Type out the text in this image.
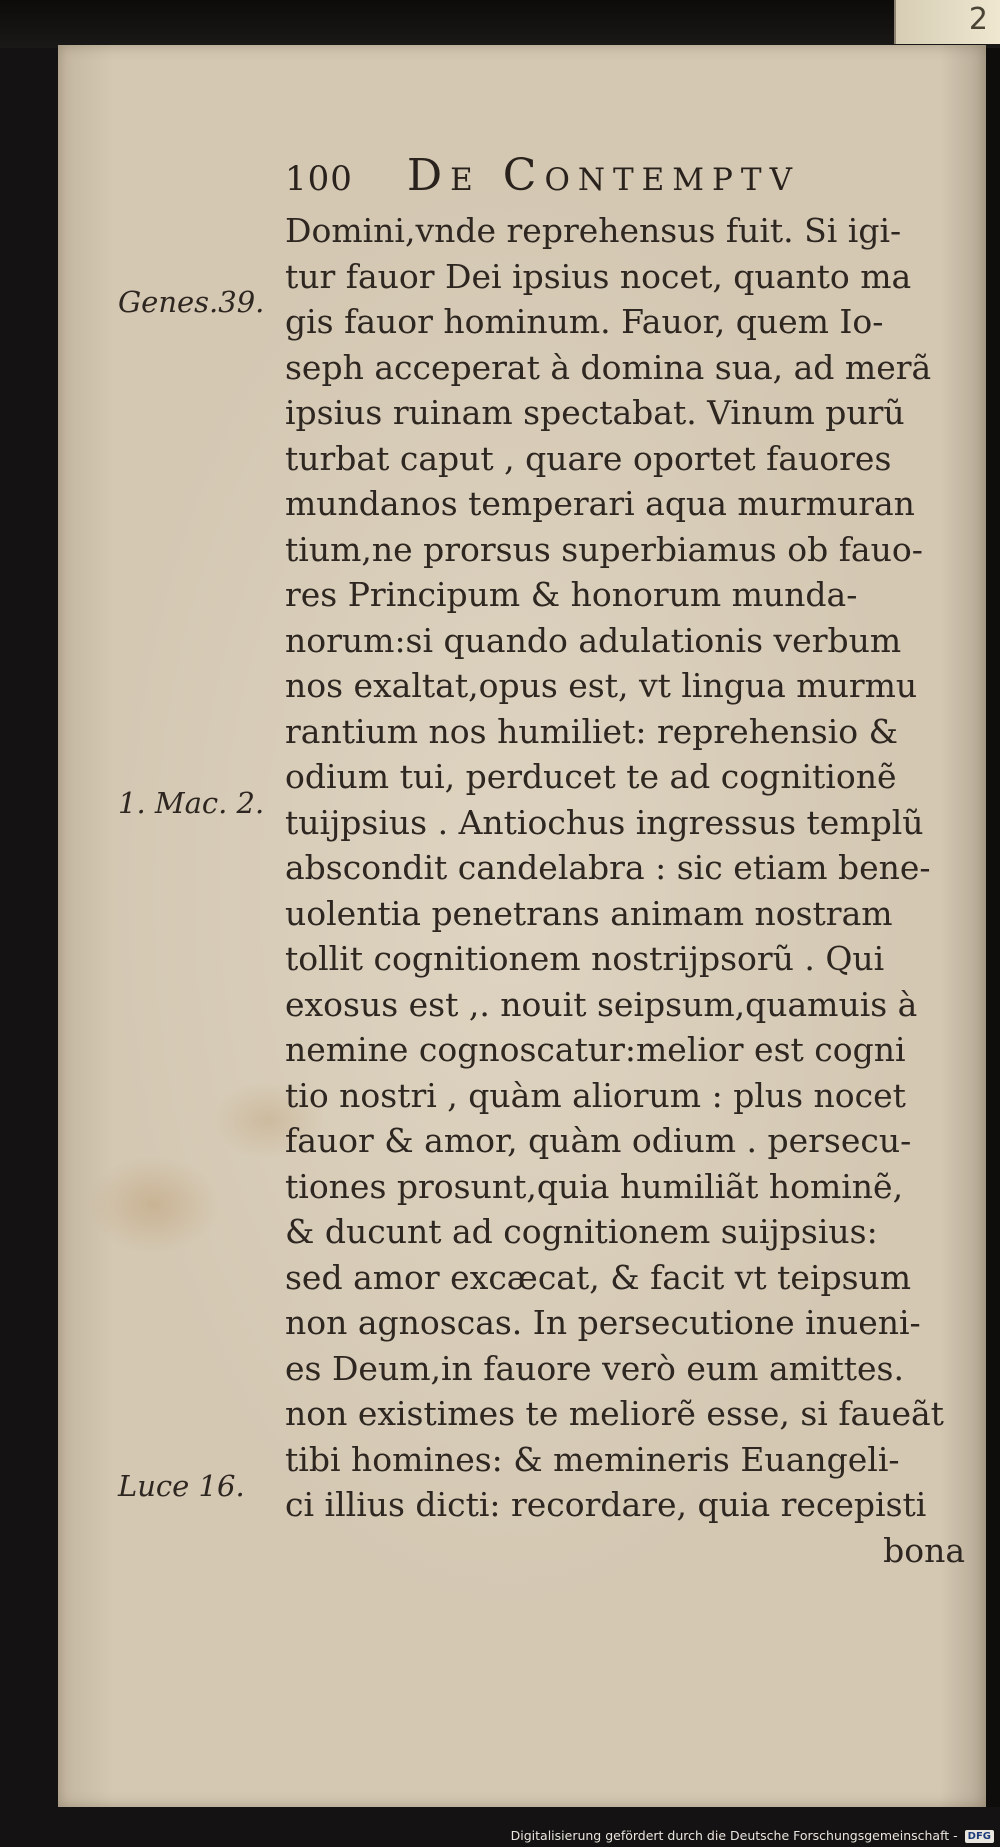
2
100 De Contemptv
Genes.39.
1. Mac. 2.
Luce 16.
Domini,vnde reprehensus fuit. Si igi-
tur fauor Dei ipsius nocet, quanto ma
gis fauor hominum. Fauor, quem Io-
seph acceperat à domina sua, ad merã
ipsius ruinam spectabat. Vinum purũ
turbat caput , quare oportet fauores
mundanos temperari aqua murmuran
tium,ne prorsus superbiamus ob fauo-
res Principum & honorum munda-
norum:si quando adulationis verbum
nos exaltat,opus est, vt lingua murmu
rantium nos humiliet: reprehensio &
odium tui, perducet te ad cognitionẽ
tuijpsius . Antiochus ingressus templũ
abscondit candelabra : sic etiam bene-
uolentia penetrans animam nostram
tollit cognitionem nostrijpsorũ . Qui
exosus est ,. nouit seipsum,quamuis à
nemine cognoscatur:melior est cogni
tio nostri , quàm aliorum : plus nocet
fauor & amor, quàm odium . persecu-
tiones prosunt,quia humiliãt hominẽ,
& ducunt ad cognitionem suijpsius:
sed amor excæcat, & facit vt teipsum
non agnoscas. In persecutione inueni-
es Deum,in fauore verò eum amittes.
non existimes te meliorẽ esse, si faueãt
tibi homines: & memineris Euangeli-
ci illius dicti: recordare, quia recepisti
bona
Digitalisierung gefördert durch die Deutsche Forschungsgemeinschaft - DFG
